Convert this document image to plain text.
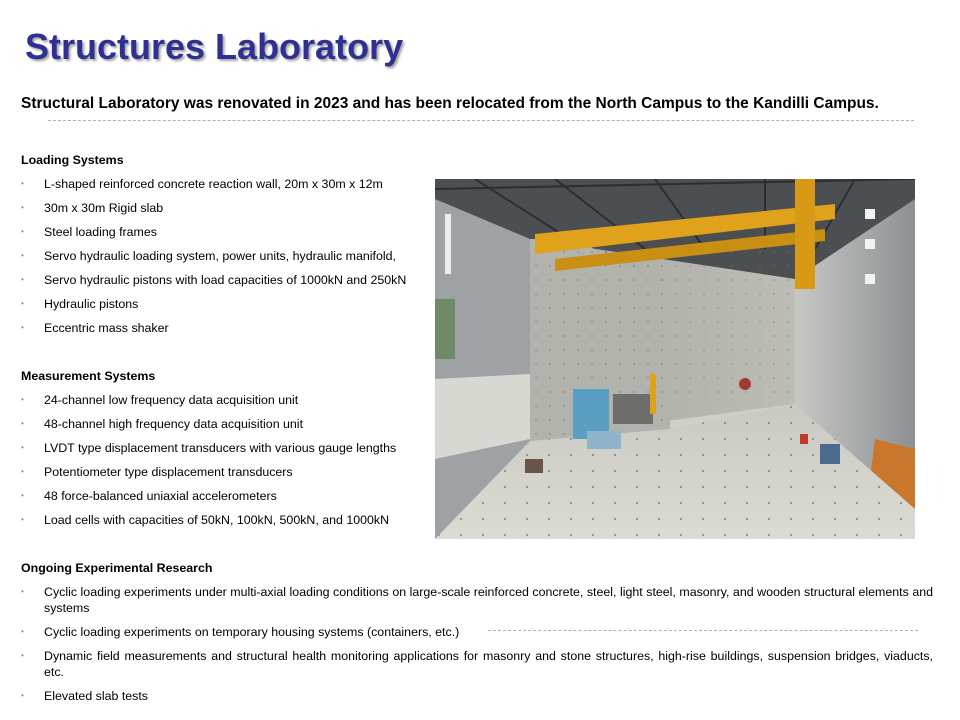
Structures Laboratory
Structural Laboratory was renovated in 2023 and has been relocated from the North Campus to the Kandilli Campus.
Loading Systems
• L-shaped reinforced concrete reaction wall, 20m x 30m x 12m
• 30m x 30m Rigid slab
• Steel loading frames
• Servo hydraulic loading system, power units, hydraulic manifold,
• Servo hydraulic pistons with load capacities of 1000kN and 250kN
• Hydraulic pistons
• Eccentric mass shaker
Measurement Systems
• 24-channel low frequency data acquisition unit
• 48-channel high frequency data acquisition unit
• LVDT type displacement transducers with various gauge lengths
• Potentiometer type displacement transducers
• 48 force-balanced uniaxial accelerometers
• Load cells with capacities of 50kN, 100kN, 500kN, and 1000kN
Ongoing Experimental Research
• Cyclic loading experiments under multi-axial loading conditions on large-scale reinforced concrete, steel, light steel, masonry, and wooden structural elements and systems
• Cyclic loading experiments on temporary housing systems (containers, etc.)
• Dynamic field measurements and structural health monitoring applications for masonry and stone structures, high-rise buildings, suspension bridges, viaducts, etc.
• Elevated slab tests
